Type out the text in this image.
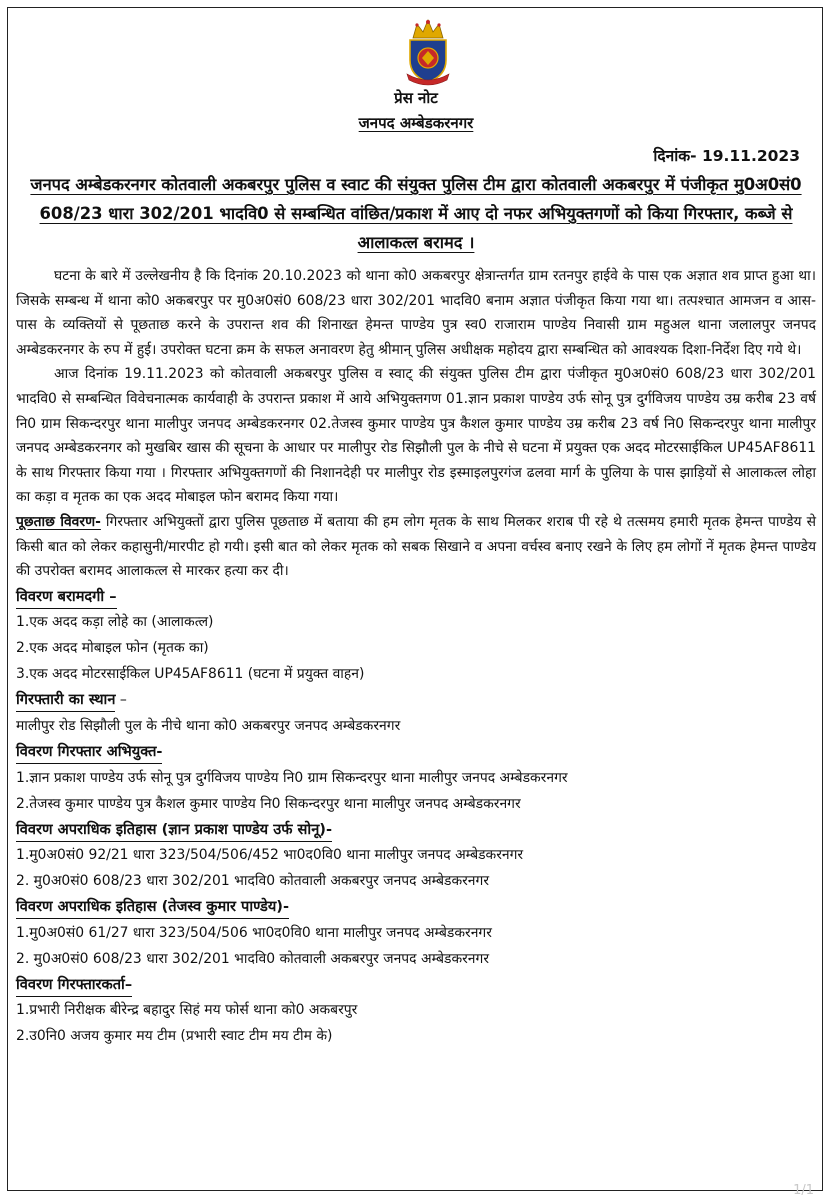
प्रेस नोट
जनपद अम्बेडकरनगर
दिनांक- 19.11.2023
जनपद अम्बेडकरनगर कोतवाली अकबरपुर पुलिस व स्वाट की संयुक्त पुलिस टीम द्वारा कोतवाली अकबरपुर में पंजीकृत मु0अ0सं0 608/23 धारा 302/201 भादवि0 से सम्बन्धित वांछित/प्रकाश में आए दो नफर अभियुक्तगणों को किया गिरफ्तार, कब्जे से आलाकत्ल बरामद ।

घटना के बारे में उल्लेखनीय है कि दिनांक 20.10.2023 को थाना को0 अकबरपुर क्षेत्रान्तर्गत ग्राम रतनपुर हाईवे के पास एक अज्ञात शव प्राप्त हुआ था। जिसके सम्बन्ध में थाना को0 अकबरपुर पर मु0अ0सं0 608/23 धारा 302/201 भादवि0 बनाम अज्ञात पंजीकृत किया गया था। तत्पश्चात आमजन व आस-पास के व्यक्तियों से पूछताछ करने के उपरान्त शव की शिनाख्त हेमन्त पाण्डेय पुत्र स्व0 राजाराम पाण्डेय निवासी ग्राम महुअल थाना जलालपुर जनपद अम्बेडकरनगर के रुप में हुई। उपरोक्त घटना क्रम के सफल अनावरण हेतु श्रीमान् पुलिस अधीक्षक महोदय द्वारा सम्बन्धित को आवश्यक दिशा-निर्देश दिए गये थे।

आज दिनांक 19.11.2023 को कोतवाली अकबरपुर पुलिस व स्वाट् की संयुक्त पुलिस टीम द्वारा पंजीकृत मु0अ0सं0 608/23 धारा 302/201 भादवि0 से सम्बन्धित विवेचनात्मक कार्यवाही के उपरान्त प्रकाश में आये अभियुक्तगण 01.ज्ञान प्रकाश पाण्डेय उर्फ सोनू पुत्र दुर्गविजय पाण्डेय उम्र करीब 23 वर्ष नि0 ग्राम सिकन्दरपुर थाना मालीपुर जनपद अम्बेडकरनगर 02.तेजस्व कुमार पाण्डेय पुत्र कैशल कुमार पाण्डेय उम्र करीब 23 वर्ष नि0 सिकन्दरपुर थाना मालीपुर जनपद अम्बेडकरनगर को मुखबिर खास की सूचना के आधार पर मालीपुर रोड सिझौली पुल के नीचे से घटना में प्रयुक्त एक अदद मोटरसाईकिल UP45AF8611 के साथ गिरफ्तार किया गया । गिरफ्तार अभियुक्तगणों की निशानदेही पर मालीपुर रोड इस्माइलपुरगंज ढलवा मार्ग के पुलिया के पास झाड़ियों से आलाकत्ल लोहा का कड़ा व मृतक का एक अदद मोबाइल फोन बरामद किया गया।

पूछताछ विवरण- गिरफ्तार अभियुक्तों द्वारा पुलिस पूछताछ में बताया की हम लोग मृतक के साथ मिलकर शराब पी रहे थे तत्समय हमारी मृतक हेमन्त पाण्डेय से किसी बात को लेकर कहासुनी/मारपीट हो गयी। इसी बात को लेकर मृतक को सबक सिखाने व अपना वर्चस्व बनाए रखने के लिए हम लोगों नें मृतक हेमन्त पाण्डेय की उपरोक्त बरामद आलाकत्ल से मारकर हत्या कर दी।

विवरण बरामदगी –

1.एक अदद कड़ा लोहे का (आलाकत्ल)

2.एक अदद मोबाइल फोन (मृतक का)

3.एक अदद मोटरसाईकिल UP45AF8611 (घटना में प्रयुक्त वाहन)

गिरफ्तारी का स्थान –

मालीपुर रोड सिझौली पुल के नीचे थाना को0 अकबरपुर जनपद अम्बेडकरनगर

विवरण गिरफ्तार अभियुक्त-

1.ज्ञान प्रकाश पाण्डेय उर्फ सोनू पुत्र दुर्गविजय पाण्डेय नि0 ग्राम सिकन्दरपुर थाना मालीपुर जनपद अम्बेडकरनगर

2.तेजस्व कुमार पाण्डेय पुत्र कैशल कुमार पाण्डेय नि0 सिकन्दरपुर थाना मालीपुर जनपद अम्बेडकरनगर

विवरण अपराधिक इतिहास (ज्ञान प्रकाश पाण्डेय उर्फ सोनू)-

1.मु0अ0सं0 92/21 धारा 323/504/506/452 भा0द0वि0 थाना मालीपुर जनपद अम्बेडकरनगर

2. मु0अ0सं0 608/23 धारा 302/201 भादवि0 कोतवाली अकबरपुर जनपद अम्बेडकरनगर

विवरण अपराधिक इतिहास (तेजस्व कुमार पाण्डेय)-

1.मु0अ0सं0 61/27 धारा 323/504/506 भा0द0वि0 थाना मालीपुर जनपद अम्बेडकरनगर

2. मु0अ0सं0 608/23 धारा 302/201 भादवि0 कोतवाली अकबरपुर जनपद अम्बेडकरनगर

विवरण गिरफ्तारकर्ता–

1.प्रभारी निरीक्षक बीरेन्द्र बहादुर सिहं मय फोर्स थाना को0 अकबरपुर

2.उ0नि0 अजय कुमार मय टीम (प्रभारी स्वाट टीम मय टीम के)

1/1
